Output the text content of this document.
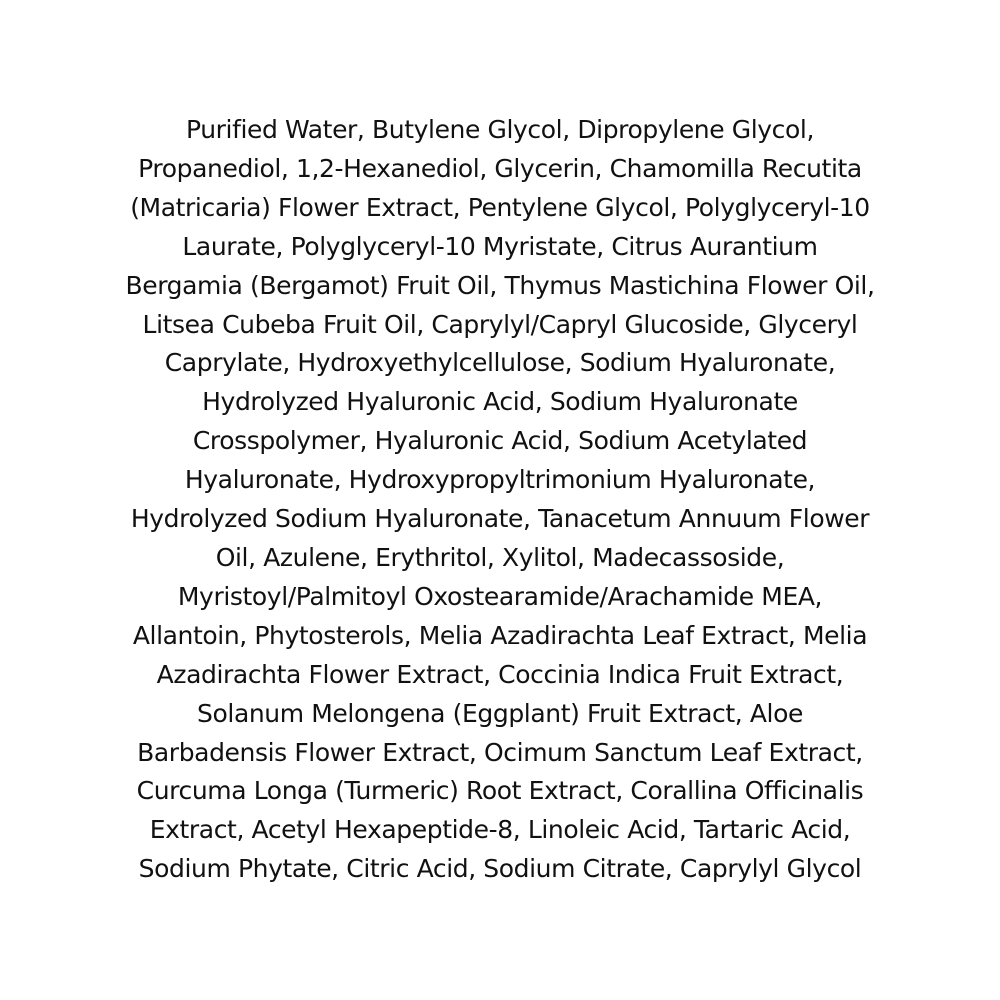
Purified Water, Butylene Glycol, Dipropylene Glycol,
Propanediol, 1,2-Hexanediol, Glycerin, Chamomilla Recutita
(Matricaria) Flower Extract, Pentylene Glycol, Polyglyceryl-10
Laurate, Polyglyceryl-10 Myristate, Citrus Aurantium
Bergamia (Bergamot) Fruit Oil, Thymus Mastichina Flower Oil,
Litsea Cubeba Fruit Oil, Caprylyl/Capryl Glucoside, Glyceryl
Caprylate, Hydroxyethylcellulose, Sodium Hyaluronate,
Hydrolyzed Hyaluronic Acid, Sodium Hyaluronate
Crosspolymer, Hyaluronic Acid, Sodium Acetylated
Hyaluronate, Hydroxypropyltrimonium Hyaluronate,
Hydrolyzed Sodium Hyaluronate, Tanacetum Annuum Flower
Oil, Azulene, Erythritol, Xylitol, Madecassoside,
Myristoyl/Palmitoyl Oxostearamide/Arachamide MEA,
Allantoin, Phytosterols, Melia Azadirachta Leaf Extract, Melia
Azadirachta Flower Extract, Coccinia Indica Fruit Extract,
Solanum Melongena (Eggplant) Fruit Extract, Aloe
Barbadensis Flower Extract, Ocimum Sanctum Leaf Extract,
Curcuma Longa (Turmeric) Root Extract, Corallina Officinalis
Extract, Acetyl Hexapeptide-8, Linoleic Acid, Tartaric Acid,
Sodium Phytate, Citric Acid, Sodium Citrate, Caprylyl Glycol
